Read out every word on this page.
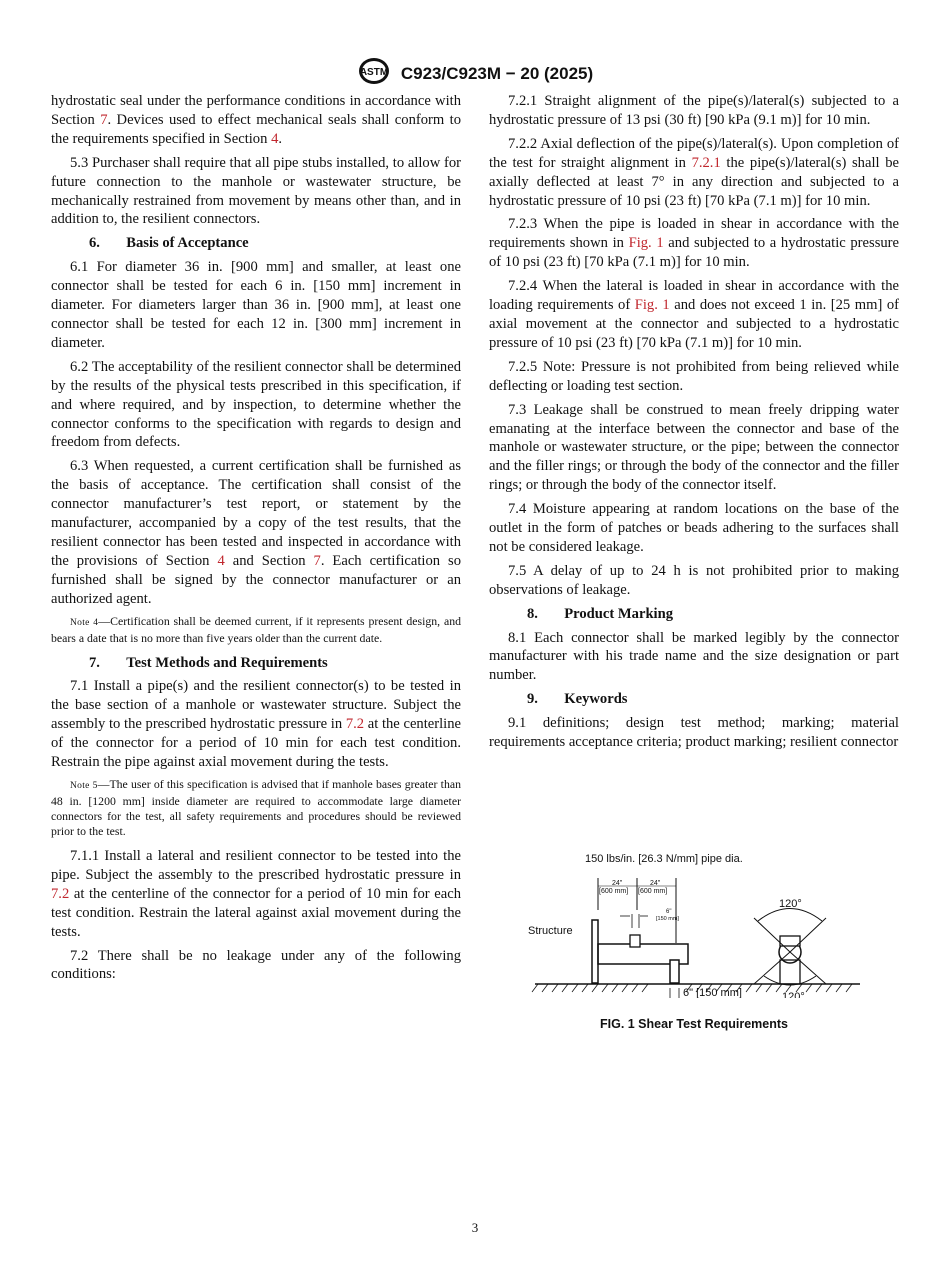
ASTM C923/C923M − 20 (2025)

hydrostatic seal under the performance conditions in accordance with Section 7. Devices used to effect mechanical seals shall conform to the requirements specified in Section 4.

5.3 Purchaser shall require that all pipe stubs installed, to allow for future connection to the manhole or wastewater structure, be mechanically restrained from movement by means other than, and in addition to, the resilient connectors.

6. Basis of Acceptance

6.1 For diameter 36 in. [900 mm] and smaller, at least one connector shall be tested for each 6 in. [150 mm] increment in diameter. For diameters larger than 36 in. [900 mm], at least one connector shall be tested for each 12 in. [300 mm] increment in diameter.

6.2 The acceptability of the resilient connector shall be determined by the results of the physical tests prescribed in this specification, if and where required, and by inspection, to determine whether the connector conforms to the specification with regards to design and freedom from defects.

6.3 When requested, a current certification shall be furnished as the basis of acceptance. The certification shall consist of the connector manufacturer’s test report, or statement by the manufacturer, accompanied by a copy of the test results, that the resilient connector has been tested and inspected in accordance with the provisions of Section 4 and Section 7. Each certification so furnished shall be signed by the connector manufacturer or an authorized agent.

Note 4—Certification shall be deemed current, if it represents present design, and bears a date that is no more than five years older than the current date.

7. Test Methods and Requirements

7.1 Install a pipe(s) and the resilient connector(s) to be tested in the base section of a manhole or wastewater structure. Subject the assembly to the prescribed hydrostatic pressure in 7.2 at the centerline of the connector for a period of 10 min for each test condition. Restrain the pipe against axial movement during the tests.

Note 5—The user of this specification is advised that if manhole bases greater than 48 in. [1200 mm] inside diameter are required to accommodate large diameter connectors for the test, all safety requirements and procedures should be reviewed prior to the test.

7.1.1 Install a lateral and resilient connector to be tested into the pipe. Subject the assembly to the prescribed hydrostatic pressure in 7.2 at the centerline of the connector for a period of 10 min for each test condition. Restrain the lateral against axial movement during the tests.

7.2 There shall be no leakage under any of the following conditions:

7.2.1 Straight alignment of the pipe(s)/lateral(s) subjected to a hydrostatic pressure of 13 psi (30 ft) [90 kPa (9.1 m)] for 10 min.

7.2.2 Axial deflection of the pipe(s)/lateral(s). Upon completion of the test for straight alignment in 7.2.1 the pipe(s)/lateral(s) shall be axially deflected at least 7° in any direction and subjected to a hydrostatic pressure of 10 psi (23 ft) [70 kPa (7.1 m)] for 10 min.

7.2.3 When the pipe is loaded in shear in accordance with the requirements shown in Fig. 1 and subjected to a hydrostatic pressure of 10 psi (23 ft) [70 kPa (7.1 m)] for 10 min.

7.2.4 When the lateral is loaded in shear in accordance with the loading requirements of Fig. 1 and does not exceed 1 in. [25 mm] of axial movement at the connector and subjected to a hydrostatic pressure of 10 psi (23 ft) [70 kPa (7.1 m)] for 10 min.

7.2.5 Note: Pressure is not prohibited from being relieved while deflecting or loading test section.

7.3 Leakage shall be construed to mean freely dripping water emanating at the interface between the connector and base of the manhole or wastewater structure, or the pipe; between the connector and the filler rings; or through the body of the connector and the filler rings; or through the body of the connector itself.

7.4 Moisture appearing at random locations on the base of the outlet in the form of patches or beads adhering to the surfaces shall not be considered leakage.

7.5 A delay of up to 24 h is not prohibited prior to making observations of leakage.

8. Product Marking

8.1 Each connector shall be marked legibly by the connector manufacturer with his trade name and the size designation or part number.

9. Keywords

9.1 definitions; design test method; marking; material requirements acceptance criteria; product marking; resilient connector

150 lbs/in. [26.3 N/mm] pipe dia.
24"
[600 mm]
24"
[600 mm]
6"
[150 mm]
Structure
6" [150 mm]
120°
120°
FIG. 1 Shear Test Requirements
3
